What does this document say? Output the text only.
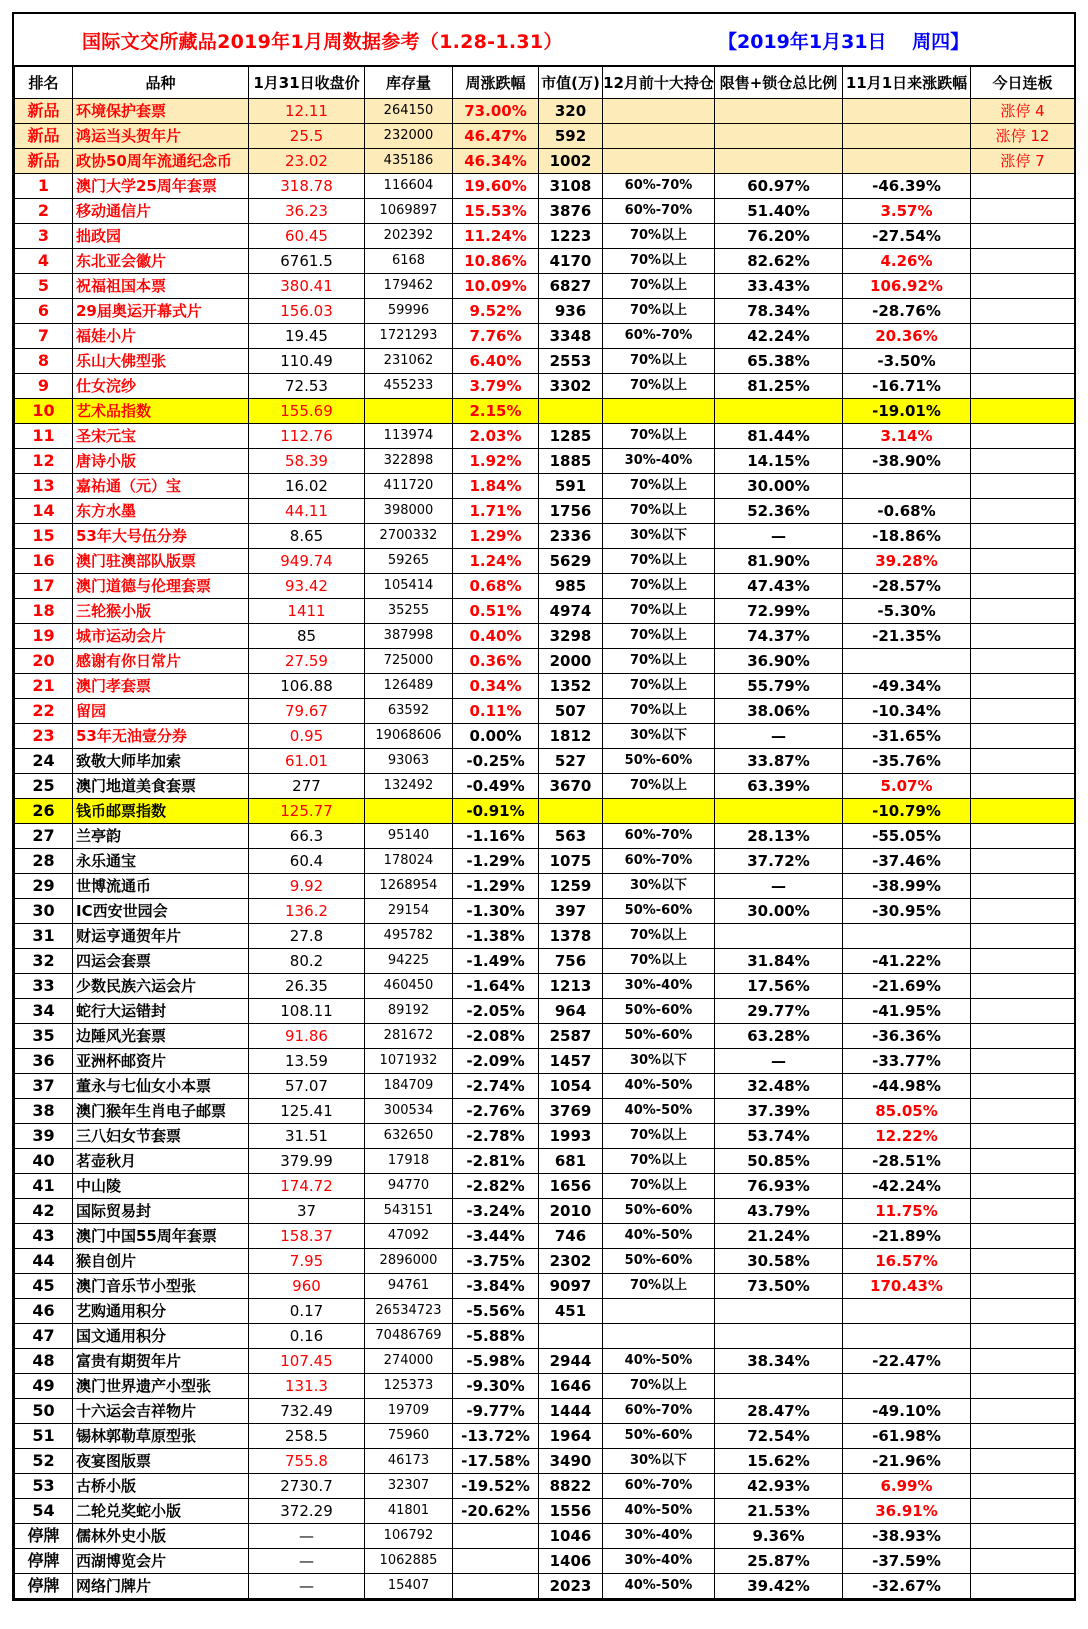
国际文交所藏品2019年1月周数据参考（1.28-1.31）	【2019年1月31日　 周四】
排名	品种	1月31日收盘价	库存量	周涨跌幅	市值(万)	12月前十大持仓	限售+锁仓总比例	11月1日来涨跌幅	今日连板
新品	环境保护套票	12.11	264150	73.00%	320				涨停 4
新品	鸿运当头贺年片	25.5	232000	46.47%	592				涨停 12
新品	政协50周年流通纪念币	23.02	435186	46.34%	1002				涨停 7
1	澳门大学25周年套票	318.78	116604	19.60%	3108	60%-70%	60.97%	-46.39%	
2	移动通信片	36.23	1069897	15.53%	3876	60%-70%	51.40%	3.57%	
3	拙政园	60.45	202392	11.24%	1223	70%以上	76.20%	-27.54%	
4	东北亚会徽片	6761.5	6168	10.86%	4170	70%以上	82.62%	4.26%	
5	祝福祖国本票	380.41	179462	10.09%	6827	70%以上	33.43%	106.92%	
6	29届奥运开幕式片	156.03	59996	9.52%	936	70%以上	78.34%	-28.76%	
7	福娃小片	19.45	1721293	7.76%	3348	60%-70%	42.24%	20.36%	
8	乐山大佛型张	110.49	231062	6.40%	2553	70%以上	65.38%	-3.50%	
9	仕女浣纱	72.53	455233	3.79%	3302	70%以上	81.25%	-16.71%	
10	艺术品指数	155.69		2.15%				-19.01%	
11	圣宋元宝	112.76	113974	2.03%	1285	70%以上	81.44%	3.14%	
12	唐诗小版	58.39	322898	1.92%	1885	30%-40%	14.15%	-38.90%	
13	嘉祐通（元）宝	16.02	411720	1.84%	591	70%以上	30.00%		
14	东方水墨	44.11	398000	1.71%	1756	70%以上	52.36%	-0.68%	
15	53年大号伍分券	8.65	2700332	1.29%	2336	30%以下	—	-18.86%	
16	澳门驻澳部队版票	949.74	59265	1.24%	5629	70%以上	81.90%	39.28%	
17	澳门道德与伦理套票	93.42	105414	0.68%	985	70%以上	47.43%	-28.57%	
18	三轮猴小版	1411	35255	0.51%	4974	70%以上	72.99%	-5.30%	
19	城市运动会片	85	387998	0.40%	3298	70%以上	74.37%	-21.35%	
20	感谢有你日常片	27.59	725000	0.36%	2000	70%以上	36.90%		
21	澳门孝套票	106.88	126489	0.34%	1352	70%以上	55.79%	-49.34%	
22	留园	79.67	63592	0.11%	507	70%以上	38.06%	-10.34%	
23	53年无油壹分券	0.95	19068606	0.00%	1812	30%以下	—	-31.65%	
24	致敬大师毕加索	61.01	93063	-0.25%	527	50%-60%	33.87%	-35.76%	
25	澳门地道美食套票	277	132492	-0.49%	3670	70%以上	63.39%	5.07%	
26	钱币邮票指数	125.77		-0.91%				-10.79%	
27	兰亭韵	66.3	95140	-1.16%	563	60%-70%	28.13%	-55.05%	
28	永乐通宝	60.4	178024	-1.29%	1075	60%-70%	37.72%	-37.46%	
29	世博流通币	9.92	1268954	-1.29%	1259	30%以下	—	-38.99%	
30	IC西安世园会	136.2	29154	-1.30%	397	50%-60%	30.00%	-30.95%	
31	财运亨通贺年片	27.8	495782	-1.38%	1378	70%以上			
32	四运会套票	80.2	94225	-1.49%	756	70%以上	31.84%	-41.22%	
33	少数民族六运会片	26.35	460450	-1.64%	1213	30%-40%	17.56%	-21.69%	
34	蛇行大运错封	108.11	89192	-2.05%	964	50%-60%	29.77%	-41.95%	
35	边陲风光套票	91.86	281672	-2.08%	2587	50%-60%	63.28%	-36.36%	
36	亚洲杯邮资片	13.59	1071932	-2.09%	1457	30%以下	—	-33.77%	
37	董永与七仙女小本票	57.07	184709	-2.74%	1054	40%-50%	32.48%	-44.98%	
38	澳门猴年生肖电子邮票	125.41	300534	-2.76%	3769	40%-50%	37.39%	85.05%	
39	三八妇女节套票	31.51	632650	-2.78%	1993	70%以上	53.74%	12.22%	
40	茗壶秋月	379.99	17918	-2.81%	681	70%以上	50.85%	-28.51%	
41	中山陵	174.72	94770	-2.82%	1656	70%以上	76.93%	-42.24%	
42	国际贸易封	37	543151	-3.24%	2010	50%-60%	43.79%	11.75%	
43	澳门中国55周年套票	158.37	47092	-3.44%	746	40%-50%	21.24%	-21.89%	
44	猴自创片	7.95	2896000	-3.75%	2302	50%-60%	30.58%	16.57%	
45	澳门音乐节小型张	960	94761	-3.84%	9097	70%以上	73.50%	170.43%	
46	艺购通用积分	0.17	26534723	-5.56%	451				
47	国文通用积分	0.16	70486769	-5.88%					
48	富贵有期贺年片	107.45	274000	-5.98%	2944	40%-50%	38.34%	-22.47%	
49	澳门世界遗产小型张	131.3	125373	-9.30%	1646	70%以上			
50	十六运会吉祥物片	732.49	19709	-9.77%	1444	60%-70%	28.47%	-49.10%	
51	锡林郭勒草原型张	258.5	75960	-13.72%	1964	50%-60%	72.54%	-61.98%	
52	夜宴图版票	755.8	46173	-17.58%	3490	30%以下	15.62%	-21.96%	
53	古桥小版	2730.7	32307	-19.52%	8822	60%-70%	42.93%	6.99%	
54	二轮兑奖蛇小版	372.29	41801	-20.62%	1556	40%-50%	21.53%	36.91%	
停牌	儒林外史小版	—	106792		1046	30%-40%	9.36%	-38.93%	
停牌	西湖博览会片	—	1062885		1406	30%-40%	25.87%	-37.59%	
停牌	网络门牌片	—	15407		2023	40%-50%	39.42%	-32.67%	
